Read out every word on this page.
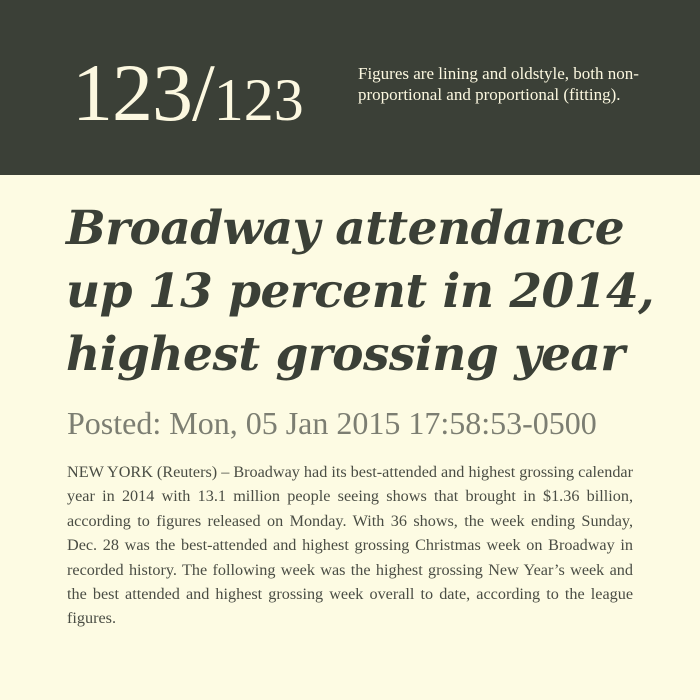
123/123	Figures are lining and oldstyle, both non-proportional and proportional (fitting).
Broadway attendance up 13 percent in 2014, highest grossing year
Posted: Mon, 05 Jan 2015 17:58:53-0500

NEW YORK (Reuters) – Broadway had its best-attended and highest grossing calendar year in 2014 with 13.1 million people seeing shows that brought in $1.36 billion, according to figures released on Monday. With 36 shows, the week ending Sunday, Dec. 28 was the best-attended and highest grossing Christmas week on Broadway in recorded history. The following week was the highest grossing New Year’s week and the best attended and highest grossing week overall to date, according to the league figures.
